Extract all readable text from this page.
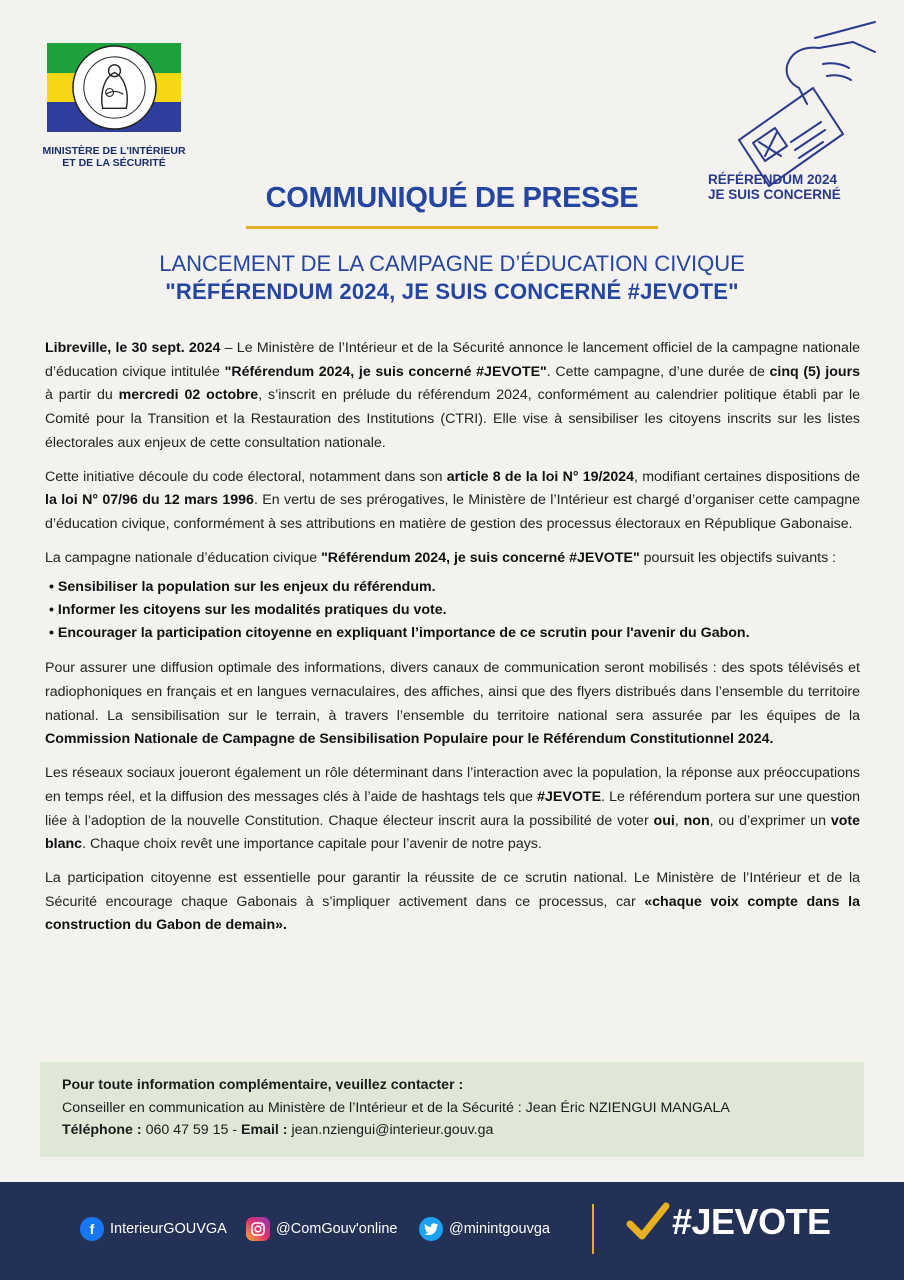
MINISTÈRE DE L'INTÉRIEUR ET DE LA SÉCURITÉ
RÉFÉRENDUM 2024
JE SUIS CONCERNÉ
COMMUNIQUÉ DE PRESSE
LANCEMENT DE LA CAMPAGNE D’ÉDUCATION CIVIQUE
"RÉFÉRENDUM 2024, JE SUIS CONCERNÉ #JEVOTE"

Libreville, le 30 sept. 2024 – Le Ministère de l’Intérieur et de la Sécurité annonce le lancement officiel de la campagne nationale d’éducation civique intitulée "Référendum 2024, je suis concerné #JEVOTE". Cette campagne, d’une durée de cinq (5) jours à partir du mercredi 02 octobre, s’inscrit en prélude du référendum 2024, conformément au calendrier politique établi par le Comité pour la Transition et la Restauration des Institutions (CTRI). Elle vise à sensibiliser les citoyens inscrits sur les listes électorales aux enjeux de cette consultation nationale.

Cette initiative découle du code électoral, notamment dans son article 8 de la loi N° 19/2024, modifiant certaines dispositions de la loi N° 07/96 du 12 mars 1996. En vertu de ses prérogatives, le Ministère de l’Intérieur est chargé d’organiser cette campagne d’éducation civique, conformément à ses attributions en matière de gestion des processus électoraux en République Gabonaise.

La campagne nationale d’éducation civique "Référendum 2024, je suis concerné #JEVOTE" poursuit les objectifs suivants :

• Sensibiliser la population sur les enjeux du référendum.
• Informer les citoyens sur les modalités pratiques du vote.
• Encourager la participation citoyenne en expliquant l’importance de ce scrutin pour l'avenir du Gabon.

Pour assurer une diffusion optimale des informations, divers canaux de communication seront mobilisés : des spots télévisés et radiophoniques en français et en langues vernaculaires, des affiches, ainsi que des flyers distribués dans l’ensemble du territoire national. La sensibilisation sur le terrain, à travers l’ensemble du territoire national sera assurée par les équipes de la Commission Nationale de Campagne de Sensibilisation Populaire pour le Référendum Constitutionnel 2024.

Les réseaux sociaux joueront également un rôle déterminant dans l’interaction avec la population, la réponse aux préoccupations en temps réel, et la diffusion des messages clés à l’aide de hashtags tels que #JEVOTE. Le référendum portera sur une question liée à l’adoption de la nouvelle Constitution. Chaque électeur inscrit aura la possibilité de voter oui, non, ou d’exprimer un vote blanc. Chaque choix revêt une importance capitale pour l’avenir de notre pays.

La participation citoyenne est essentielle pour garantir la réussite de ce scrutin national. Le Ministère de l’Intérieur et de la Sécurité encourage chaque Gabonais à s’impliquer activement dans ce processus, car «chaque voix compte dans la construction du Gabon de demain».

Pour toute information complémentaire, veuillez contacter :
Conseiller en communication au Ministère de l’Intérieur et de la Sécurité : Jean Éric NZIENGUI MANGALA
Téléphone : 060 47 59 15 - Email : jean.nziengui@interieur.gouv.ga
f	InterieurGOUVGA	@ComGouv'online	@minintgouvga	#JEVOTE
